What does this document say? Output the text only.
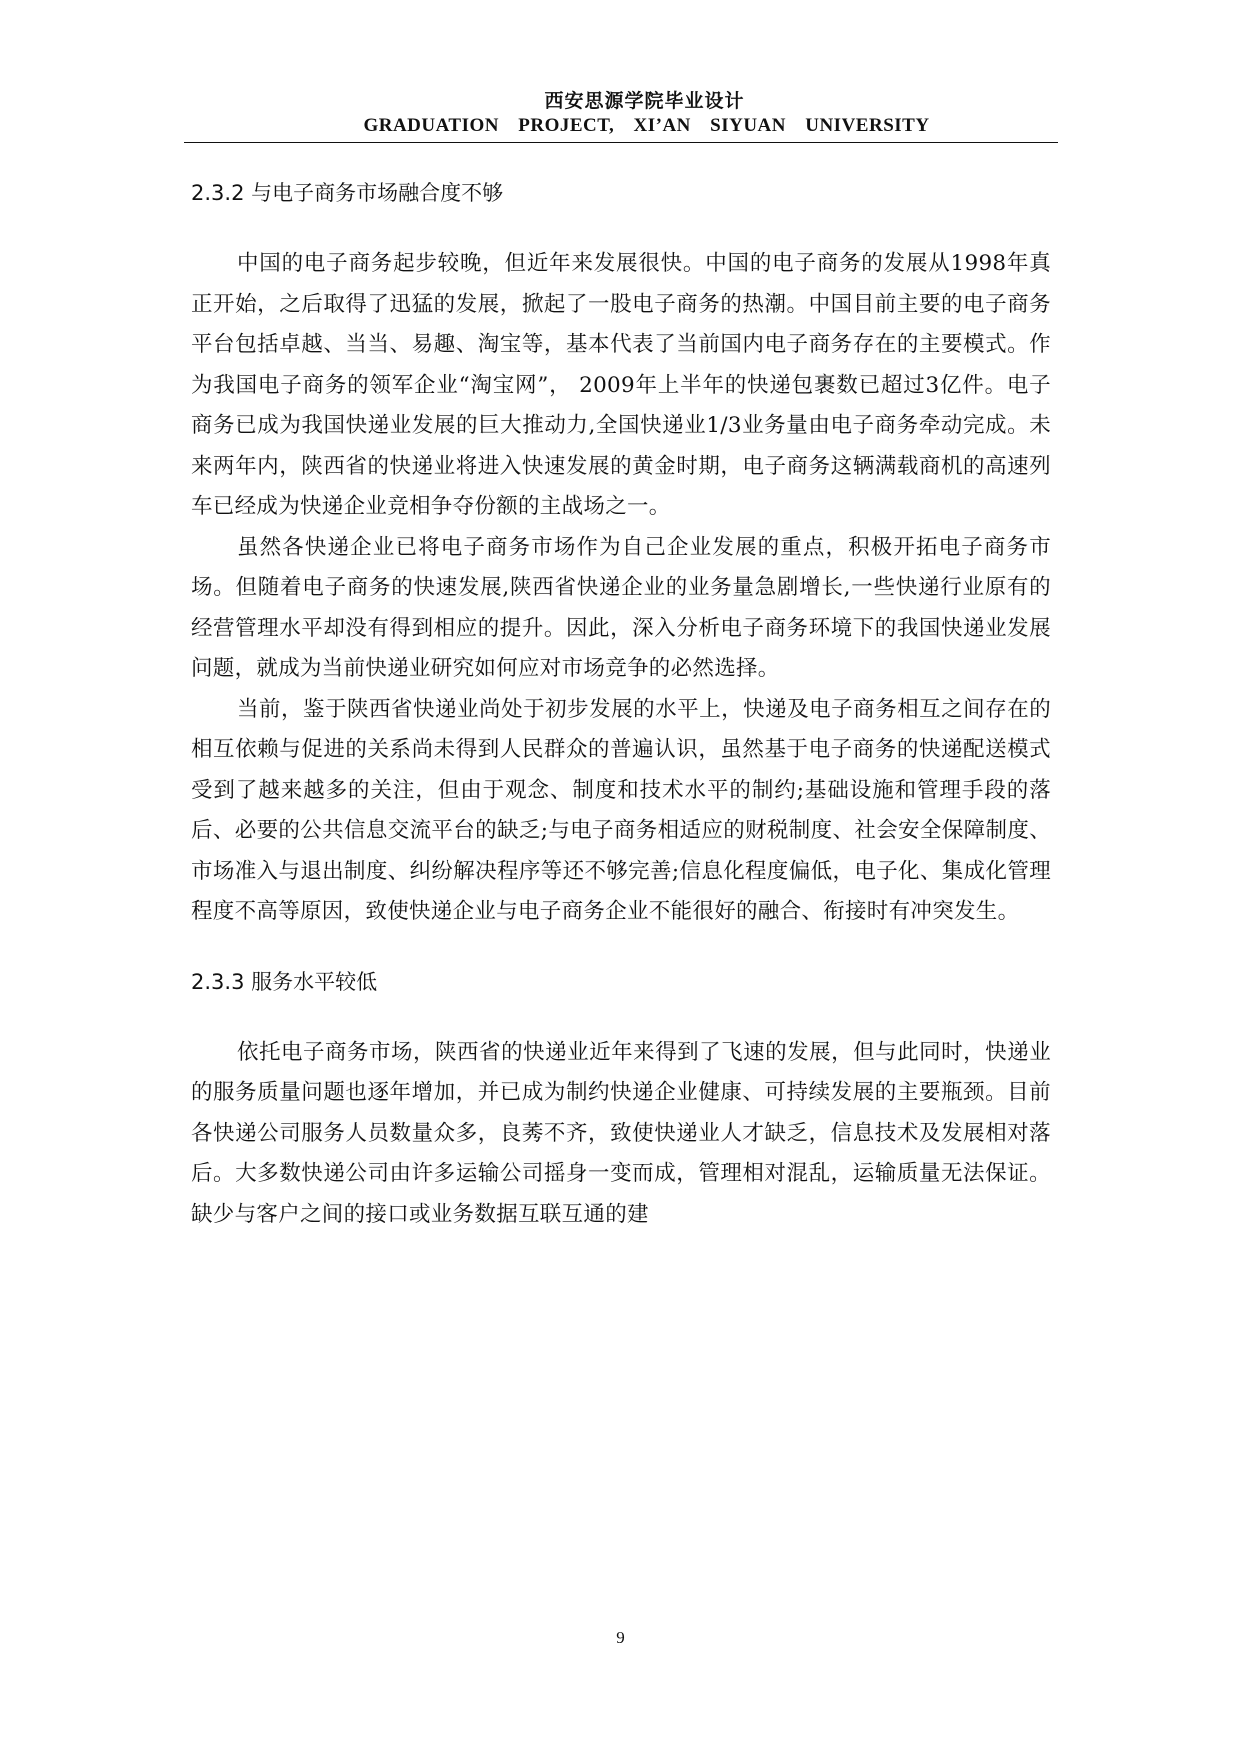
西安思源学院毕业设计
GRADUATION PROJECT, XI’AN SIYUAN UNIVERSITY
2.3.2 与电子商务市场融合度不够

中国的电子商务起步较晚，但近年来发展很快。中国的电子商务的发展从1998年真正开始，之后取得了迅猛的发展，掀起了一股电子商务的热潮。中国目前主要的电子商务平台包括卓越、当当、易趣、淘宝等，基本代表了当前国内电子商务存在的主要模式。作为我国电子商务的领军企业“淘宝网”， 2009年上半年的快递包裹数已超过3亿件。电子商务已成为我国快递业发展的巨大推动力,全国快递业1/3业务量由电子商务牵动完成。未来两年内，陕西省的快递业将进入快速发展的黄金时期，电子商务这辆满载商机的高速列车已经成为快递企业竞相争夺份额的主战场之一。

虽然各快递企业已将电子商务市场作为自己企业发展的重点，积极开拓电子商务市场。但随着电子商务的快速发展,陕西省快递企业的业务量急剧增长,一些快递行业原有的经营管理水平却没有得到相应的提升。因此，深入分析电子商务环境下的我国快递业发展问题，就成为当前快递业研究如何应对市场竞争的必然选择。

当前，鉴于陕西省快递业尚处于初步发展的水平上，快递及电子商务相互之间存在的相互依赖与促进的关系尚未得到人民群众的普遍认识，虽然基于电子商务的快递配送模式受到了越来越多的关注，但由于观念、制度和技术水平的制约;基础设施和管理手段的落后、必要的公共信息交流平台的缺乏;与电子商务相适应的财税制度、社会安全保障制度、市场准入与退出制度、纠纷解决程序等还不够完善;信息化程度偏低，电子化、集成化管理程度不高等原因，致使快递企业与电子商务企业不能很好的融合、衔接时有冲突发生。

2.3.3 服务水平较低

依托电子商务市场，陕西省的快递业近年来得到了飞速的发展，但与此同时，快递业的服务质量问题也逐年增加，并已成为制约快递企业健康、可持续发展的主要瓶颈。目前各快递公司服务人员数量众多，良莠不齐，致使快递业人才缺乏，信息技术及发展相对落后。大多数快递公司由许多运输公司摇身一变而成，管理相对混乱，运输质量无法保证。缺少与客户之间的接口或业务数据互联互通的建

9
